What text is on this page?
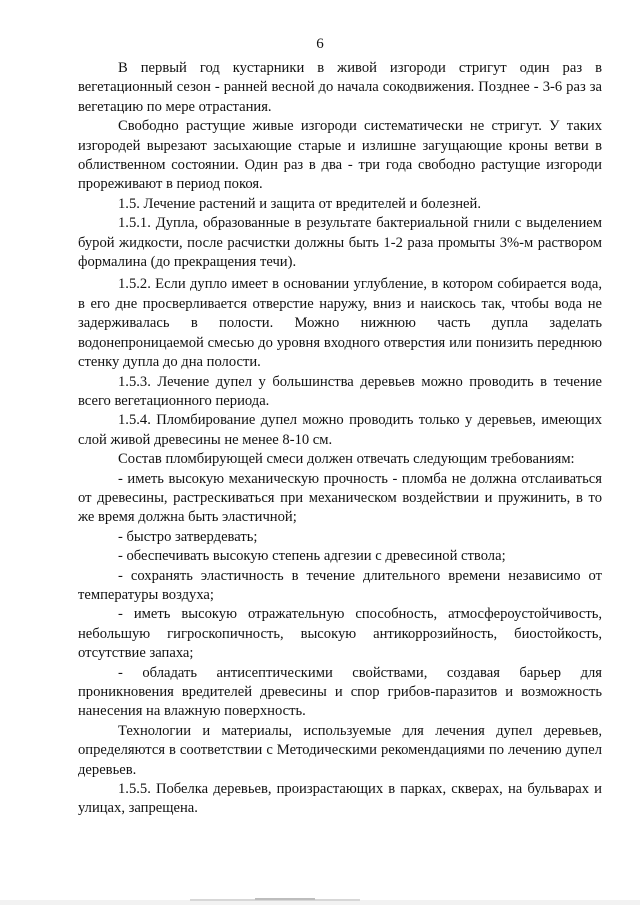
6

В первый год кустарники в живой изгороди стригут один раз в вегетационный сезон - ранней весной до начала сокодвижения. Позднее - 3-6 раз за вегетацию по мере отрастания.

Свободно растущие живые изгороди систематически не стригут. У таких изгородей вырезают засыхающие старые и излишне загущающие кроны ветви в облиственном состоянии. Один раз в два - три года свободно растущие изгороди прореживают в период покоя.

1.5. Лечение растений и защита от вредителей и болезней.

1.5.1. Дупла, образованные в результате бактериальной гнили с выделением бурой жидкости, после расчистки должны быть 1-2 раза промыты 3%-м раствором формалина (до прекращения течи).

1.5.2. Если дупло имеет в основании углубление, в котором собирается вода, в его дне просверливается отверстие наружу, вниз и наискось так, чтобы вода не задерживалась в полости. Можно нижнюю часть дупла заделать водонепроницаемой смесью до уровня входного отверстия или понизить переднюю стенку дупла до дна полости.

1.5.3. Лечение дупел у большинства деревьев можно проводить в течение всего вегетационного периода.

1.5.4. Пломбирование дупел можно проводить только у деревьев, имеющих слой живой древесины не менее 8-10 см.

Состав пломбирующей смеси должен отвечать следующим требованиям:

- иметь высокую механическую прочность - пломба не должна отслаиваться от древесины, растрескиваться при механическом воздействии и пружинить, в то же время должна быть эластичной;

- быстро затвердевать;

- обеспечивать высокую степень адгезии с древесиной ствола;

- сохранять эластичность в течение длительного времени независимо от температуры воздуха;

- иметь высокую отражательную способность, атмосфероустойчивость, небольшую гигроскопичность, высокую антикоррозийность, биостойкость, отсутствие запаха;

- обладать антисептическими свойствами, создавая барьер для проникновения вредителей древесины и спор грибов-паразитов и возможность нанесения на влажную поверхность.

Технологии и материалы, используемые для лечения дупел деревьев, определяются в соответствии с Методическими рекомендациями по лечению дупел деревьев.

1.5.5. Побелка деревьев, произрастающих в парках, скверах, на бульварах и улицах, запрещена.
